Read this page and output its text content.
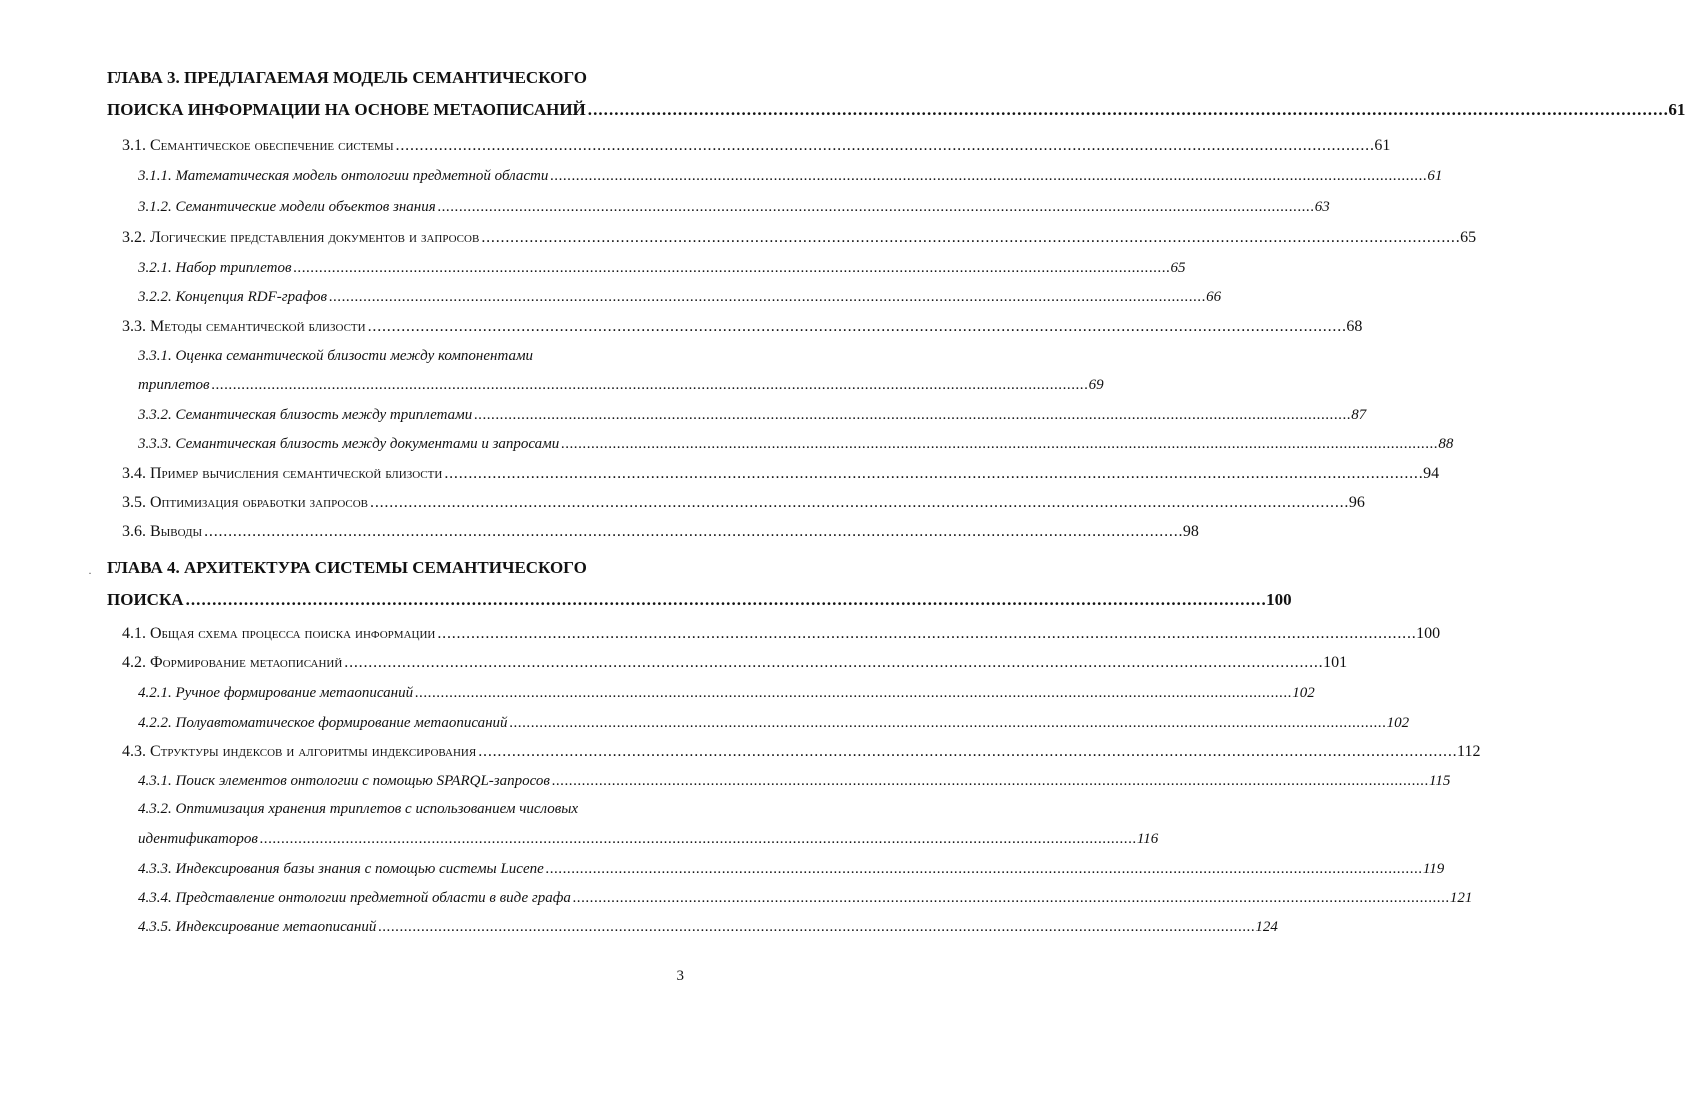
ГЛАВА 3. ПРЕДЛАГАЕМАЯ МОДЕЛЬ СЕМАНТИЧЕСКОГО
ПОИСКА ИНФОРМАЦИИ НА ОСНОВЕ МЕТАОПИСАНИЙ . . .	61
3.1. Семантическое обеспечение системы . . .	61
3.1.1. Математическая модель онтологии предметной области . . .	61
3.1.2. Семантические модели объектов знания . . .	63
3.2. Логические представления документов и запросов . . .	65
3.2.1. Набор триплетов . . .	65
3.2.2. Концепция RDF-графов . . .	66
3.3. Методы семантической близости . . .	68
3.3.1. Оценка семантической близости между компонентами
триплетов . . .	69
3.3.2. Семантическая близость между триплетами . . .	87
3.3.3. Семантическая близость между документами и запросами . . .	88
3.4. Пример вычисления семантической близости . . .	94
3.5. Оптимизация обработки запросов . . .	96
3.6. Выводы . . .	98
· ГЛАВА 4. АРХИТЕКТУРА СИСТЕМЫ СЕМАНТИЧЕСКОГО
ПОИСКА . . .	100
4.1. Общая схема процесса поиска информации . . .	100
4.2. Формирование метаописаний . . .	101
4.2.1. Ручное формирование метаописаний . . .	102
4.2.2. Полуавтоматическое формирование метаописаний . . .	102
4.3. Структуры индексов и алгоритмы индексирования . . .	112
4.3.1. Поиск элементов онтологии с помощью SPARQL-запросов . . .	115
4.3.2. Оптимизация хранения триплетов с использованием числовых
идентификаторов . . .	116
4.3.3. Индексирования базы знания с помощью системы Lucene . . .	119
4.3.4. Представление онтологии предметной области в виде графа . . .	121
4.3.5. Индексирование метаописаний . . .	124
3
